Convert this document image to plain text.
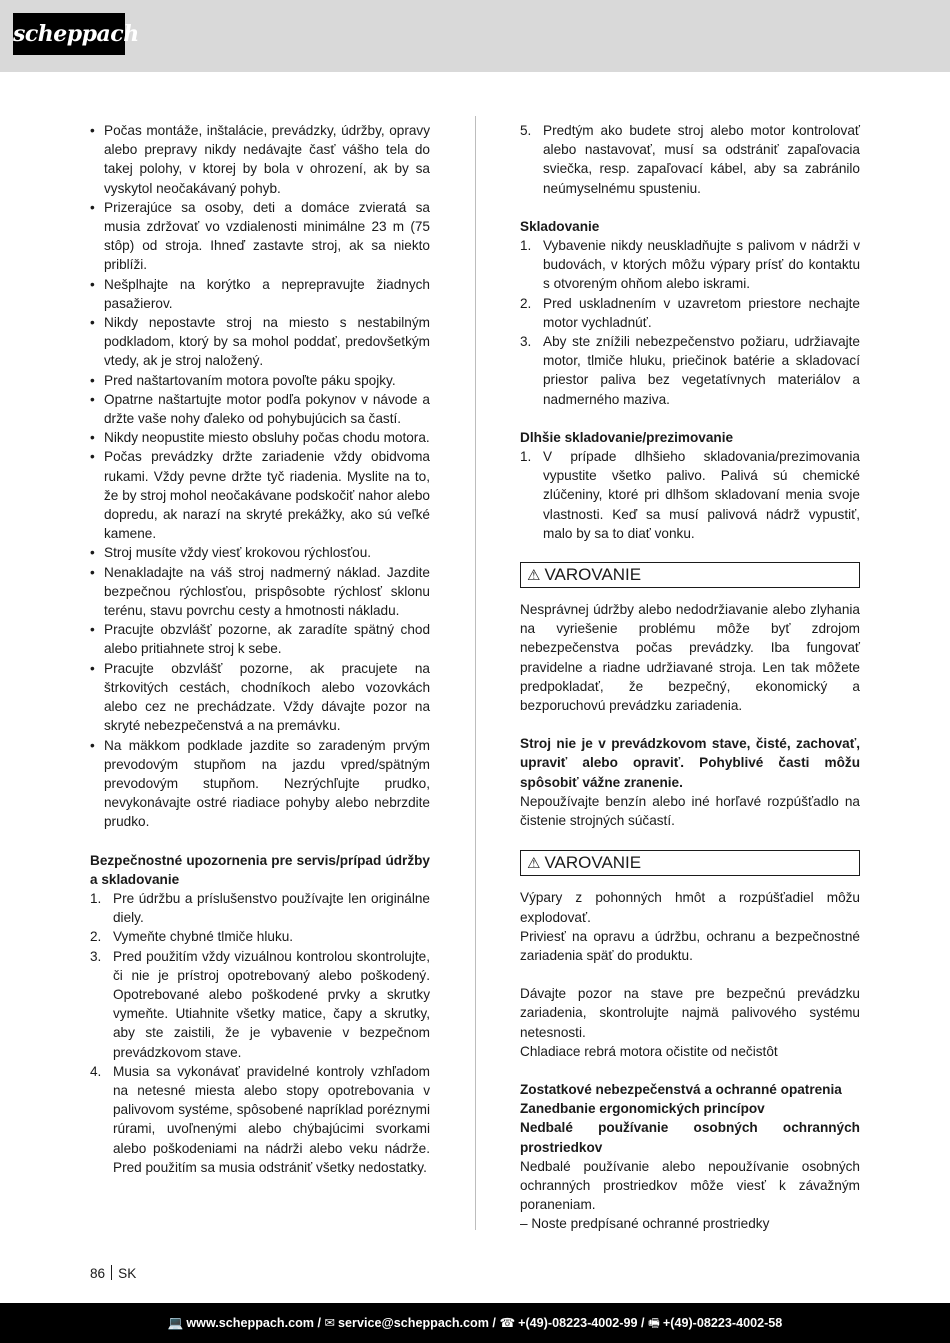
scheppach
• Počas montáže, inštalácie, prevádzky, údržby, opravy alebo prepravy nikdy nedávajte časť vášho tela do takej polohy, v ktorej by bola v ohrození, ak by sa vyskytol neočakávaný pohyb.
• Prizerajúce sa osoby, deti a domáce zvieratá sa musia zdržovať vo vzdialenosti minimálne 23 m (75 stôp) od stroja. Ihneď zastavte stroj, ak sa niekto priblíži.
• Nešplhajte na korýtko a neprepravujte žiadnych pasažierov.
• Nikdy nepostavte stroj na miesto s nestabilným podkladom, ktorý by sa mohol poddať, predovšetkým vtedy, ak je stroj naložený.
• Pred naštartovaním motora povoľte páku spojky.
• Opatrne naštartujte motor podľa pokynov v návode a držte vaše nohy ďaleko od pohybujúcich sa častí.
• Nikdy neopustite miesto obsluhy počas chodu motora.
• Počas prevádzky držte zariadenie vždy obidvoma rukami. Vždy pevne držte tyč riadenia. Myslite na to, že by stroj mohol neočakávane podskočiť nahor alebo dopredu, ak narazí na skryté prekážky, ako sú veľké kamene.
• Stroj musíte vždy viesť krokovou rýchlosťou.
• Nenakladajte na váš stroj nadmerný náklad. Jazdite bezpečnou rýchlosťou, prispôsobte rýchlosť sklonu terénu, stavu povrchu cesty a hmotnosti nákladu.
• Pracujte obzvlášť pozorne, ak zaradíte spätný chod alebo pritiahnete stroj k sebe.
• Pracujte obzvlášť pozorne, ak pracujete na štrkovitých cestách, chodníkoch alebo vozovkách alebo cez ne prechádzate. Vždy dávajte pozor na skryté nebezpečenstvá a na premávku.
• Na mäkkom podklade jazdite so zaradeným prvým prevodovým stupňom na jazdu vpred/spätným prevodovým stupňom. Nezrýchľujte prudko, nevykonávajte ostré riadiace pohyby alebo nebrzdite prudko.

Bezpečnostné upozornenia pre servis/prípad údržby a skladovanie

1. Pre údržbu a príslušenstvo používajte len originálne diely.
2. Vymeňte chybné tlmiče hluku.
3. Pred použitím vždy vizuálnou kontrolou skontrolujte, či nie je prístroj opotrebovaný alebo poškodený. Opotrebované alebo poškodené prvky a skrutky vymeňte. Utiahnite všetky matice, čapy a skrutky, aby ste zaistili, že je vybavenie v bezpečnom prevádzkovom stave.
4. Musia sa vykonávať pravidelné kontroly vzhľadom na netesné miesta alebo stopy opotrebovania v palivovom systéme, spôsobené napríklad poréznymi rúrami, uvoľnenými alebo chýbajúcimi svorkami alebo poškodeniami na nádrži alebo veku nádrže. Pred použitím sa musia odstrániť všetky nedostatky.
5. Predtým ako budete stroj alebo motor kontrolovať alebo nastavovať, musí sa odstrániť zapaľovacia sviečka, resp. zapaľovací kábel, aby sa zabránilo neúmyselnému spusteniu.

Skladovanie

1. Vybavenie nikdy neuskladňujte s palivom v nádrži v budovách, v ktorých môžu výpary prísť do kontaktu s otvoreným ohňom alebo iskrami.
2. Pred uskladnením v uzavretom priestore nechajte motor vychladnúť.
3. Aby ste znížili nebezpečenstvo požiaru, udržiavajte motor, tlmiče hluku, priečinok batérie a skladovací priestor paliva bez vegetatívnych materiálov a nadmerného maziva.

Dlhšie skladovanie/prezimovanie

1. V prípade dlhšieho skladovania/prezimovania vypustite všetko palivo. Palivá sú chemické zlúčeniny, ktoré pri dlhšom skladovaní menia svoje vlastnosti. Keď sa musí palivová nádrž vypustiť, malo by sa to diať vonku.
⚠ VAROVANIE

Nesprávnej údržby alebo nedodržiavanie alebo zlyhania na vyriešenie problému môže byť zdrojom nebezpečenstva počas prevádzky. Iba fungovať pravidelne a riadne udržiavané stroja. Len tak môžete predpokladať, že bezpečný, ekonomický a bezporuchovú prevádzku zariadenia.

Stroj nie je v prevádzkovom stave, čisté, zachovať, upraviť alebo opraviť. Pohyblivé časti môžu spôsobiť vážne zranenie.

Nepoužívajte benzín alebo iné horľavé rozpúšťadlo na čistenie strojných súčastí.

⚠ VAROVANIE

Výpary z pohonných hmôt a rozpúšťadiel môžu explodovať.

Priviesť na opravu a údržbu, ochranu a bezpečnostné zariadenia späť do produktu.

Dávajte pozor na stave pre bezpečnú prevádzku zariadenia, skontrolujte najmä palivového systému netesnosti.

Chladiace rebrá motora očistite od nečistôt

Zostatkové nebezpečenstvá a ochranné opatrenia

Zanedbanie ergonomických princípov

Nedbalé používanie osobných ochranných prostriedkov

Nedbalé používanie alebo nepoužívanie osobných ochranných prostriedkov môže viesť k závažným poraneniam.

– Noste predpísané ochranné prostriedky

86 SK
💻 www.scheppach.com / ✉ service@scheppach.com / ☎ +(49)-08223-4002-99 / 🖷 +(49)-08223-4002-58
